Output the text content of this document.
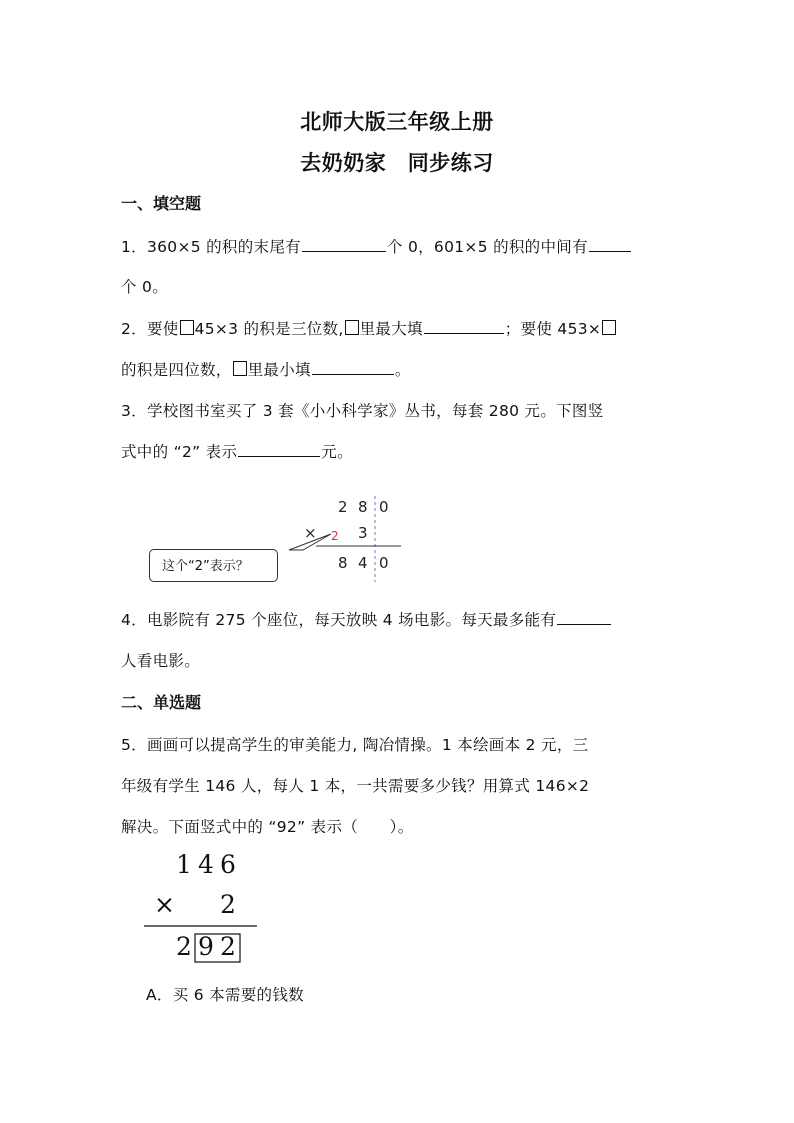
北师大版三年级上册
去奶奶家　同步练习
一、填空题
1．360×5 的积的末尾有	个 0，601×5 的积的中间有
个 0。
2．要使 45×3 的积是三位数, 里最大填	；要使 453×
的积是四位数， 里最小填	。
3．学校图书室买了 3 套《小小科学家》丛书，每套 280 元。下图竖
式中的 “2” 表示	元。
2 8 0
× 2 3
8 4 0
这个“2”表示？
4．电影院有 275 个座位，每天放映 4 场电影。每天最多能有
人看电影。
二、单选题
5．画画可以提高学生的审美能力, 陶冶情操。1 本绘画本 2 元，三
年级有学生 146 人，每人 1 本，一共需要多少钱？用算式 146×2
解决。下面竖式中的 “92” 表示（　　）。
1 4 6
× 2
2 9 2
A．买 6 本需要的钱数
